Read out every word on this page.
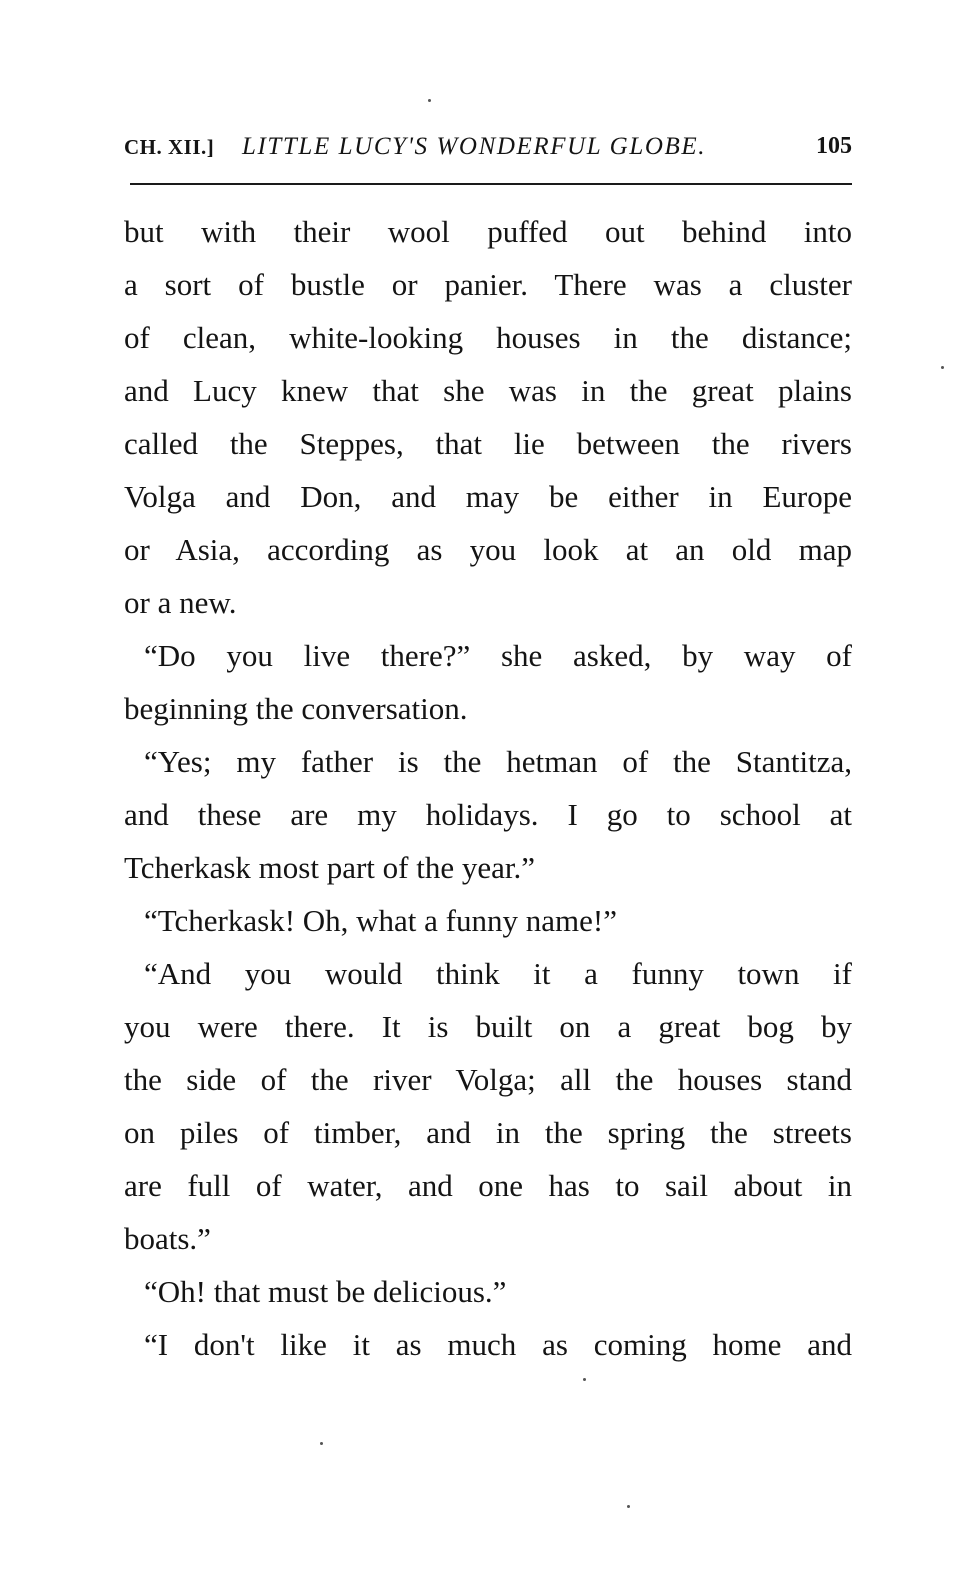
CH. XII.] LITTLE LUCY'S WONDERFUL GLOBE.	105
but with their wool puffed out behind into
a sort of bustle or panier. There was a cluster
of clean, white-looking houses in the distance;
and Lucy knew that she was in the great plains
called the Steppes, that lie between the rivers
Volga and Don, and may be either in Europe
or Asia, according as you look at an old map
or a new.
“Do you live there?” she asked, by way of
beginning the conversation.
“Yes; my father is the hetman of the Stantitza,
and these are my holidays. I go to school at
Tcherkask most part of the year.”
“Tcherkask! Oh, what a funny name!”
“And you would think it a funny town if
you were there. It is built on a great bog by
the side of the river Volga; all the houses stand
on piles of timber, and in the spring the streets
are full of water, and one has to sail about in
boats.”
“Oh! that must be delicious.”
“I don't like it as much as coming home and
